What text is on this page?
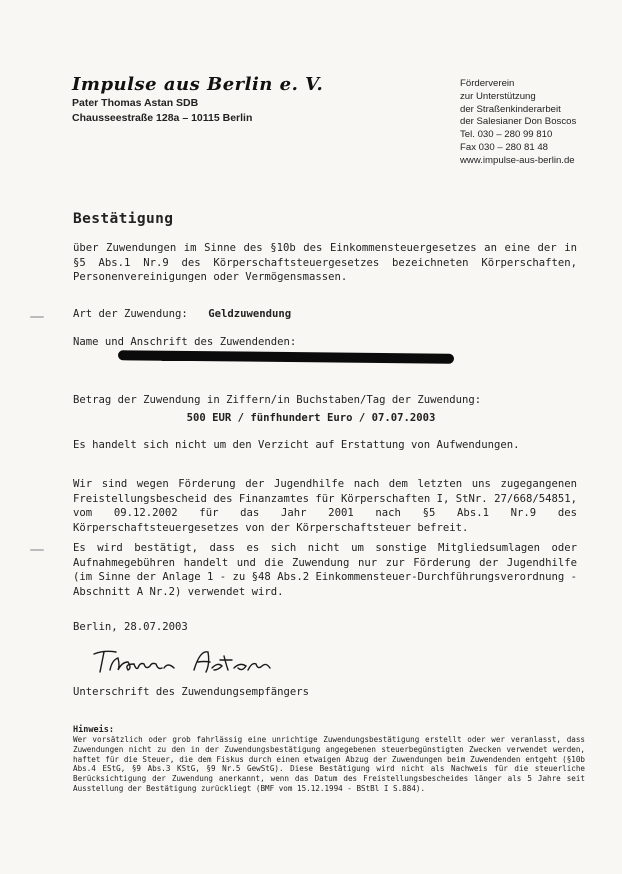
Impulse aus Berlin e. V.
Pater Thomas Astan SDB
Chausseestraße 128a – 10115 Berlin
Förderverein
zur Unterstützung
der Straßenkinderarbeit
der Salesianer Don Boscos
Tel. 030 – 280 99 810
Fax 030 – 280 81 48
www.impulse-aus-berlin.de
Bestätigung
über Zuwendungen im Sinne des §10b des Einkommensteuergesetzes an eine der in §5 Abs.1 Nr.9 des Körperschaftsteuergesetzes bezeichneten Körperschaften, Personenvereinigungen oder Vermögensmassen.
Art der Zuwendung: Geldzuwendung
Name und Anschrift des Zuwendenden:
Betrag der Zuwendung in Ziffern/in Buchstaben/Tag der Zuwendung:
500 EUR / fünfhundert Euro / 07.07.2003
Es handelt sich nicht um den Verzicht auf Erstattung von Aufwendungen.
Wir sind wegen Förderung der Jugendhilfe nach dem letzten uns zugegangenen Freistellungsbescheid des Finanzamtes für Körperschaften I, StNr. 27/668/54851, vom 09.12.2002 für das Jahr 2001 nach §5 Abs.1 Nr.9 des Körperschaftsteuergesetzes von der Körperschaftsteuer befreit.
Es wird bestätigt, dass es sich nicht um sonstige Mitgliedsumlagen oder Aufnahmegebühren handelt und die Zuwendung nur zur Förderung der Jugendhilfe (im Sinne der Anlage 1 - zu §48 Abs.2 Einkommensteuer-Durchführungsverordnung - Abschnitt A Nr.2) verwendet wird.
Berlin, 28.07.2003
Unterschrift des Zuwendungsempfängers
Hinweis:
Wer vorsätzlich oder grob fahrlässig eine unrichtige Zuwendungsbestätigung erstellt oder wer veranlasst, dass Zuwendungen nicht zu den in der Zuwendungsbestätigung angegebenen steuerbegünstigten Zwecken verwendet werden, haftet für die Steuer, die dem Fiskus durch einen etwaigen Abzug der Zuwendungen beim Zuwendenden entgeht (§10b Abs.4 EStG, §9 Abs.3 KStG, §9 Nr.5 GewStG). Diese Bestätigung wird nicht als Nachweis für die steuerliche Berücksichtigung der Zuwendung anerkannt, wenn das Datum des Freistellungsbescheides länger als 5 Jahre seit Ausstellung der Bestätigung zurückliegt (BMF vom 15.12.1994 - BStBl I S.884).
